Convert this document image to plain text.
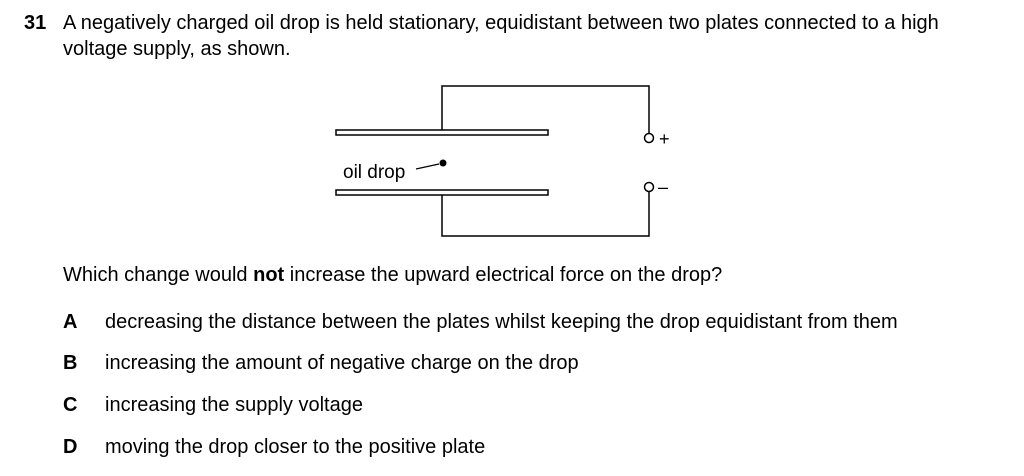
31 A negatively charged oil drop is held stationary, equidistant between two plates connected to a high voltage supply, as shown.
+
–
oil drop
Which change would not increase the upward electrical force on the drop?
A decreasing the distance between the plates whilst keeping the drop equidistant from them
B increasing the amount of negative charge on the drop
C increasing the supply voltage
D moving the drop closer to the positive plate
